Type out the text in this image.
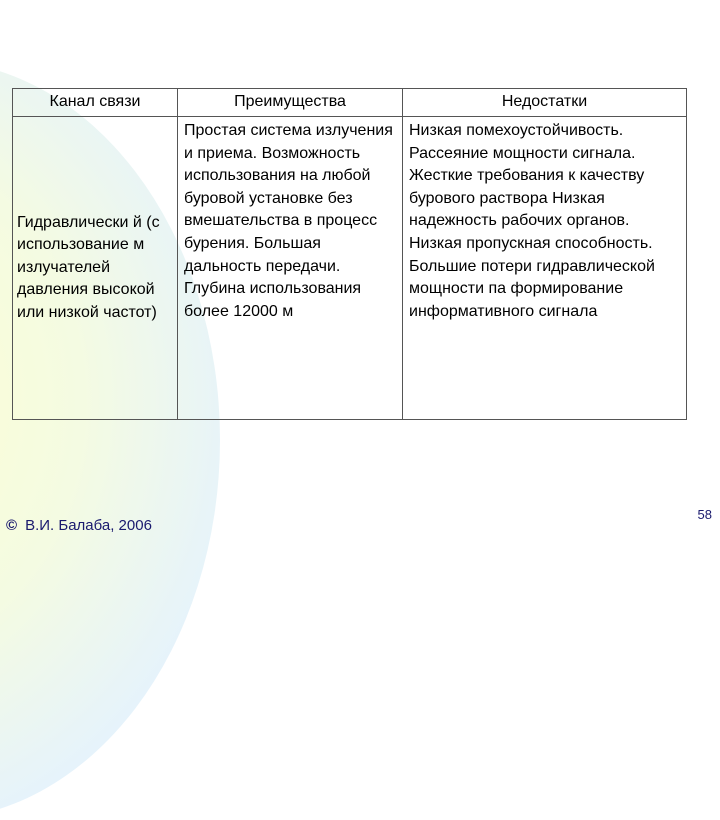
Канал связи	Преимущества	Недостатки
Гидравлически й (с использование м излучателей давления высокой или низкой частот)	Простая система излучения и приема. Возможность использования на любой буровой установке без вмешательства в процесс бурения. Большая дальность передачи. Глубина использования более 12000 м	Низкая помехоустойчивость. Рассеяние мощности сигнала. Жесткие требования к качеству бурового раствора Низкая надежность рабочих органов. Низкая пропускная способность. Большие потери гидравлической мощности па формирование информативного сигнала
© В.И. Балаба, 2006
58
